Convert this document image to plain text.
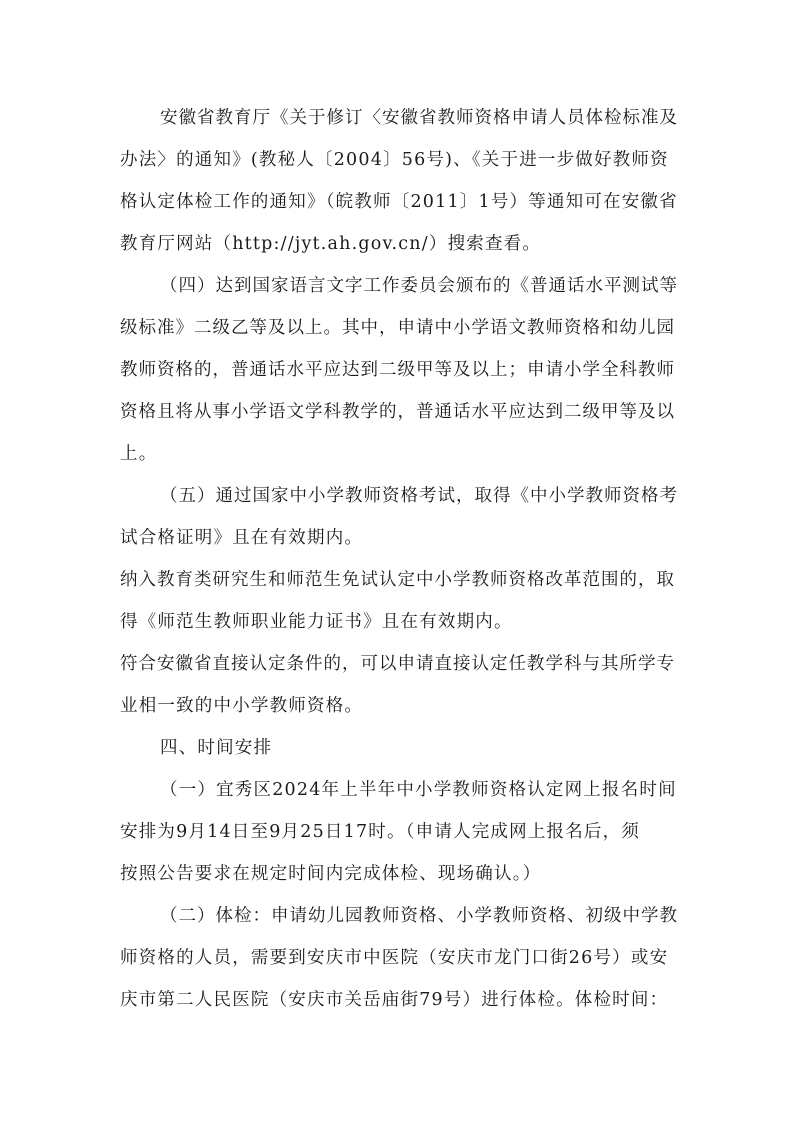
安徽省教育厅《关于修订〈安徽省教师资格申请人员体检标准及
办法〉的通知》(教秘人〔2004〕56号)、《关于进一步做好教师资
格认定体检工作的通知》（皖教师〔2011〕1号）等通知可在安徽省
教育厅网站（http://jyt.ah.gov.cn/）搜索查看。
（四）达到国家语言文字工作委员会颁布的《普通话水平测试等
级标准》二级乙等及以上。其中，申请中小学语文教师资格和幼儿园
教师资格的，普通话水平应达到二级甲等及以上；申请小学全科教师
资格且将从事小学语文学科教学的，普通话水平应达到二级甲等及以
上。
（五）通过国家中小学教师资格考试，取得《中小学教师资格考
试合格证明》且在有效期内。
纳入教育类研究生和师范生免试认定中小学教师资格改革范围的，取
得《师范生教师职业能力证书》且在有效期内。
符合安徽省直接认定条件的，可以申请直接认定任教学科与其所学专
业相一致的中小学教师资格。
四、时间安排
（一）宜秀区2024年上半年中小学教师资格认定网上报名时间
安排为9月14日至9月25日17时。（申请人完成网上报名后，须
按照公告要求在规定时间内完成体检、现场确认。）
（二）体检：申请幼儿园教师资格、小学教师资格、初级中学教
师资格的人员，需要到安庆市中医院（安庆市龙门口街26号）或安
庆市第二人民医院（安庆市关岳庙街79号）进行体检。体检时间：
